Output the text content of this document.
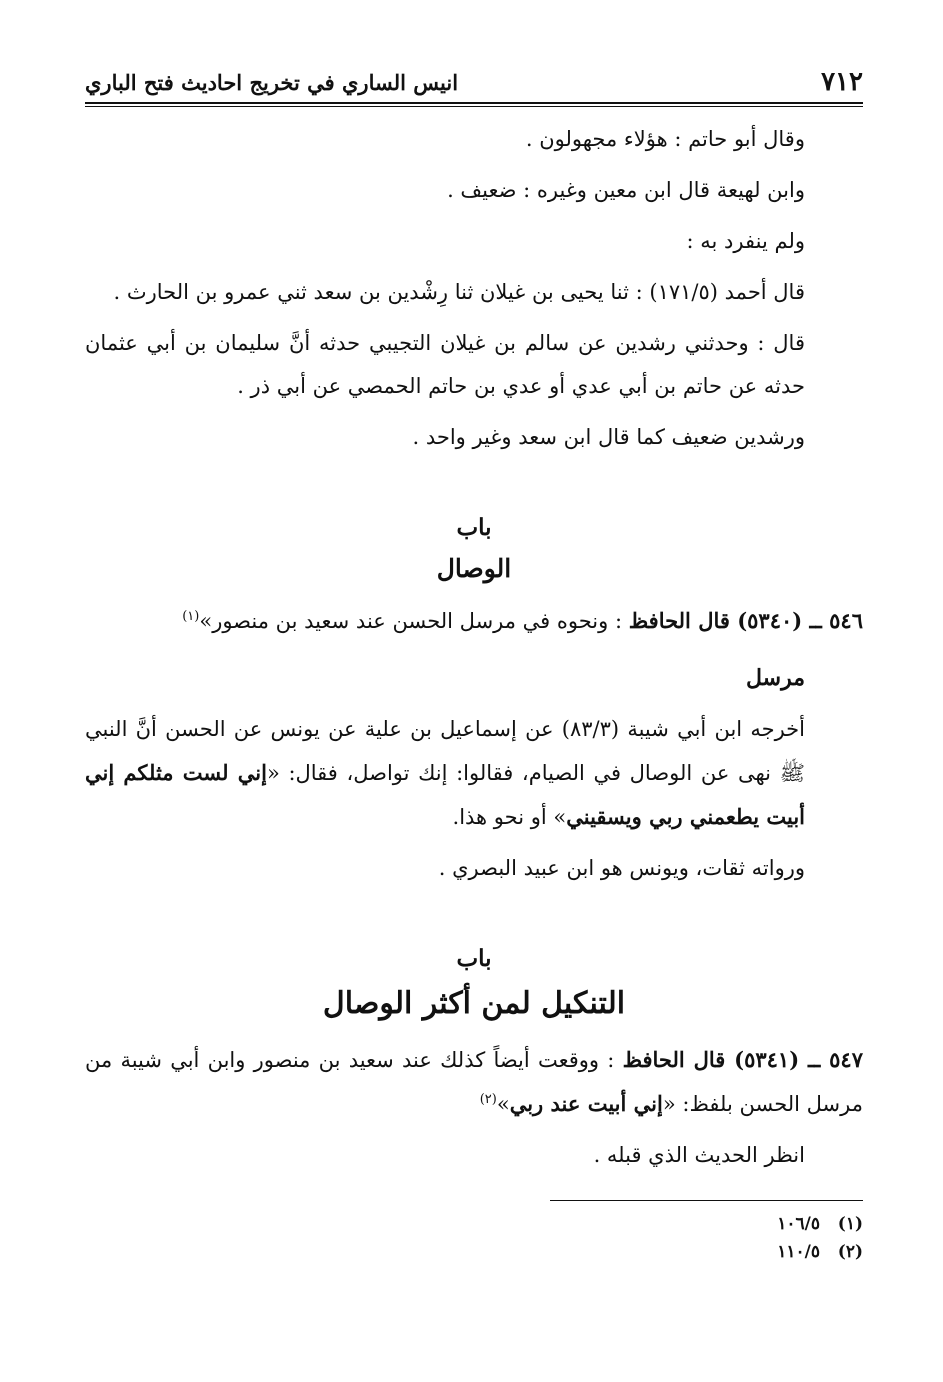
٧١٢
انيس الساري في تخريج احاديث فتح الباري

وقال أبو حاتم : هؤلاء مجهولون .

وابن لهيعة قال ابن معين وغيره : ضعيف .

ولم ينفرد به :

قال أحمد (١٧١/٥) : ثنا يحيى بن غيلان ثنا رِشْدين بن سعد ثني عمرو بن الحارث .

قال : وحدثني رشدين عن سالم بن غيلان التجيبي حدثه أنَّ سليمان بن أبي عثمان حدثه عن حاتم بن أبي عدي أو عدي بن حاتم الحمصي عن أبي ذر .

ورشدين ضعيف كما قال ابن سعد وغير واحد .

باب
الوصال

٥٤٦ ــ (٥٣٤٠) قال الحافظ : ونحوه في مرسل الحسن عند سعيد بن منصور»$^{(١)}$

مرسل

أخرجه ابن أبي شيبة (٨٣/٣) عن إسماعيل بن علية عن يونس عن الحسن أنَّ النبي ﷺ نهى عن الوصال في الصيام، فقالوا: إنك تواصل، فقال: «إني لست مثلكم إني أبيت يطعمني ربي ويسقيني» أو نحو هذا.

ورواته ثقات، ويونس هو ابن عبيد البصري .

باب
التنكيل لمن أكثر الوصال

٥٤٧ ــ (٥٣٤١) قال الحافظ : ووقعت أيضاً كذلك عند سعيد بن منصور وابن أبي شيبة من مرسل الحسن بلفظ: «إني أبيت عند ربي»$^{(٢)}$

انظر الحديث الذي قبله .

(١)   ١٠٦/٥
(٢)   ١١٠/٥
